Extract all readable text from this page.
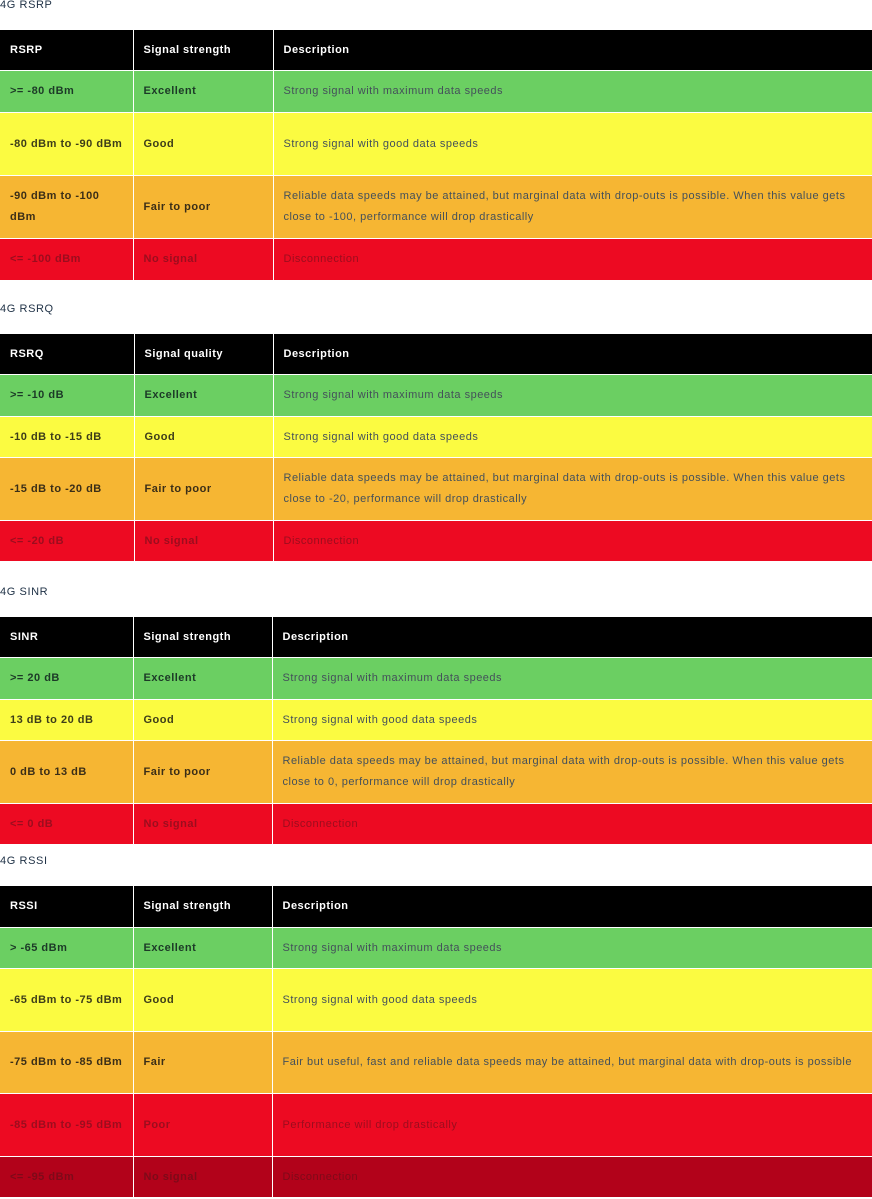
4G RSRP
RSRP	Signal strength	Description
>= -80 dBm	Excellent	Strong signal with maximum data speeds
-80 dBm to -90 dBm	Good	Strong signal with good data speeds
-90 dBm to -100 dBm	Fair to poor	Reliable data speeds may be attained, but marginal data with drop-outs is possible. When this value gets close to -100, performance will drop drastically
<= -100 dBm	No signal	Disconnection
4G RSRQ
RSRQ	Signal quality	Description
>= -10 dB	Excellent	Strong signal with maximum data speeds
-10 dB to -15 dB	Good	Strong signal with good data speeds
-15 dB to -20 dB	Fair to poor	Reliable data speeds may be attained, but marginal data with drop-outs is possible. When this value gets close to -20, performance will drop drastically
<= -20 dB	No signal	Disconnection
4G SINR
SINR	Signal strength	Description
>= 20 dB	Excellent	Strong signal with maximum data speeds
13 dB to 20 dB	Good	Strong signal with good data speeds
0 dB to 13 dB	Fair to poor	Reliable data speeds may be attained, but marginal data with drop-outs is possible. When this value gets close to 0, performance will drop drastically
<= 0 dB	No signal	Disconnection
4G RSSI
RSSI	Signal strength	Description
> -65 dBm	Excellent	Strong signal with maximum data speeds
-65 dBm to -75 dBm	Good	Strong signal with good data speeds
-75 dBm to -85 dBm	Fair	Fair but useful, fast and reliable data speeds may be attained, but marginal data with drop-outs is possible
-85 dBm to -95 dBm	Poor	Performance will drop drastically
<= -95 dBm	No signal	Disconnection
